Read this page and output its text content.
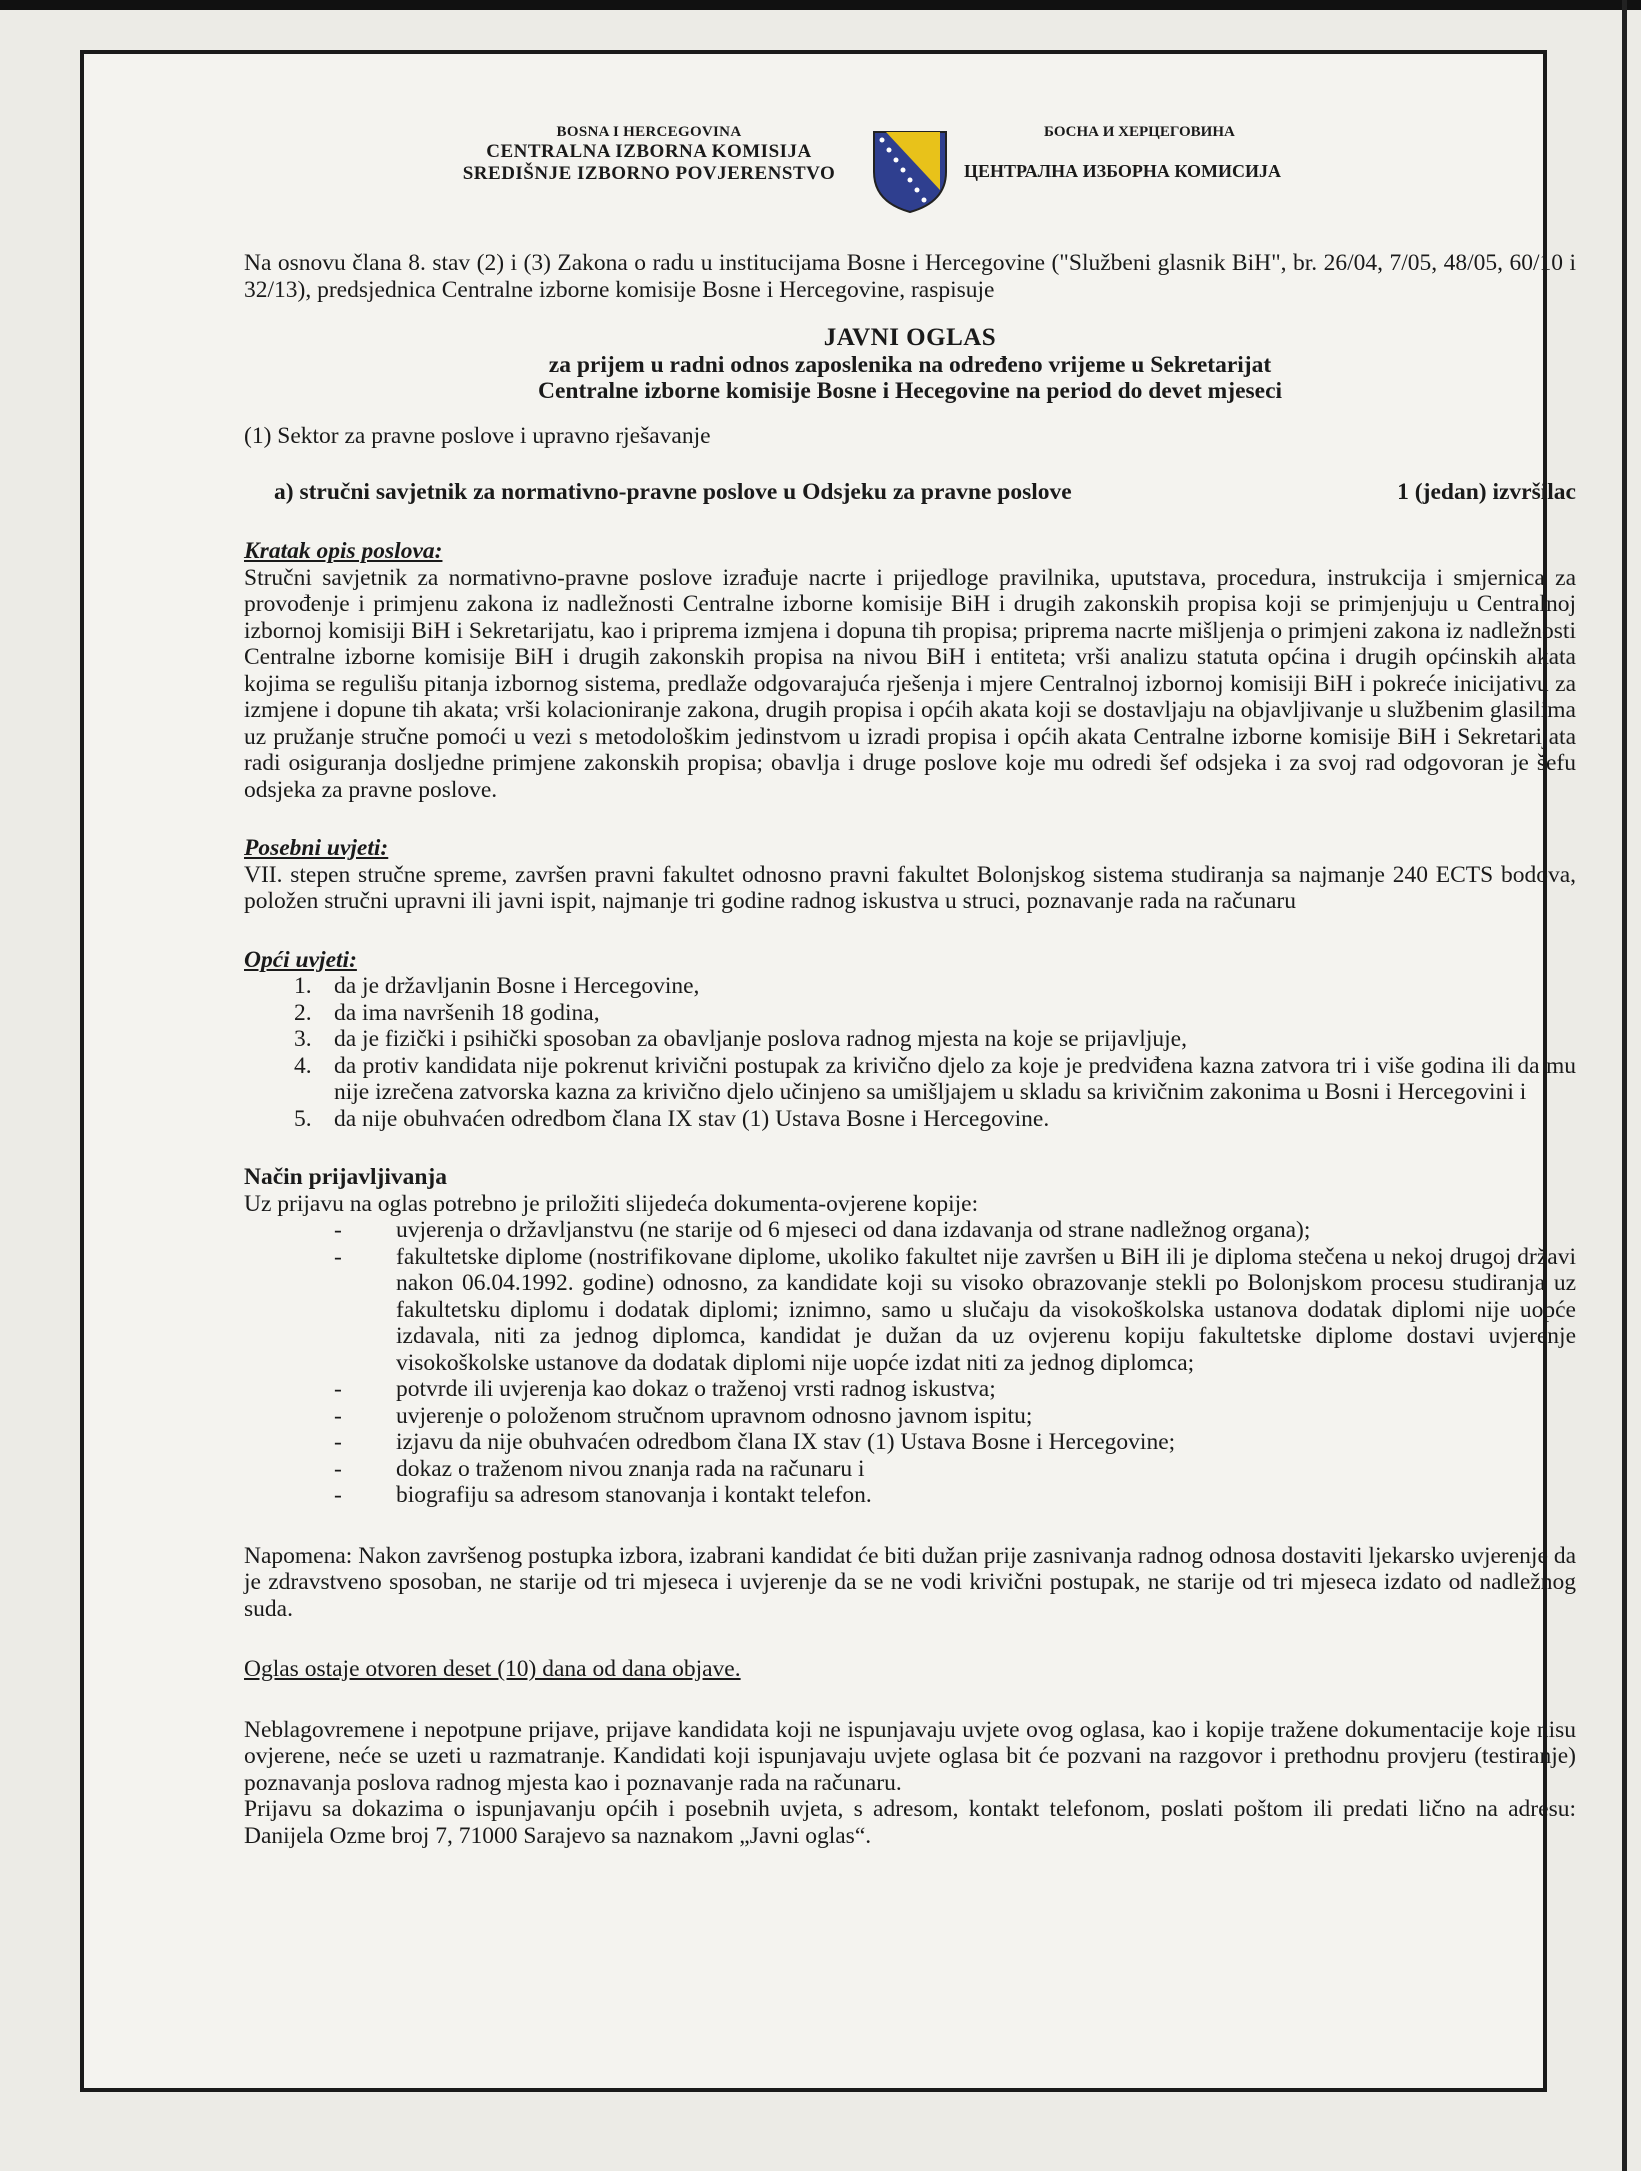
BOSNA I HERCEGOVINA
CENTRALNA IZBORNA KOMISIJA
SREDIŠNJE IZBORNO POVJERENSTVO
БОСНА И ХЕРЦЕГОВИНА
ЦЕНТРАЛНА ИЗБОРНА КОМИСИЈА

Na osnovu člana 8. stav (2) i (3) Zakona o radu u institucijama Bosne i Hercegovine ("Službeni glasnik BiH", br. 26/04, 7/05, 48/05, 60/10 i 32/13), predsjednica Centralne izborne komisije Bosne i Hercegovine, raspisuje

JAVNI OGLAS
za prijem u radni odnos zaposlenika na određeno vrijeme u Sekretarijat
Centralne izborne komisije Bosne i Hecegovine na period do devet mjeseci

(1) Sektor za pravne poslove i upravno rješavanje

a) stručni savjetnik za normativno-pravne poslove u Odsjeku za pravne poslove	1 (jedan) izvršilac

Kratak opis poslova:

Stručni savjetnik za normativno-pravne poslove izrađuje nacrte i prijedloge pravilnika, uputstava, procedura, instrukcija i smjernica za provođenje i primjenu zakona iz nadležnosti Centralne izborne komisije BiH i drugih zakonskih propisa koji se primjenjuju u Centralnoj izbornoj komisiji BiH i Sekretarijatu, kao i priprema izmjena i dopuna tih propisa; priprema nacrte mišljenja o primjeni zakona iz nadležnosti Centralne izborne komisije BiH i drugih zakonskih propisa na nivou BiH i entiteta; vrši analizu statuta općina i drugih općinskih akata kojima se regulišu pitanja izbornog sistema, predlaže odgovarajuća rješenja i mjere Centralnoj izbornoj komisiji BiH i pokreće inicijativu za izmjene i dopune tih akata; vrši kolacioniranje zakona, drugih propisa i općih akata koji se dostavljaju na objavljivanje u službenim glasilima uz pružanje stručne pomoći u vezi s metodološkim jedinstvom u izradi propisa i općih akata Centralne izborne komisije BiH i Sekretarijata radi osiguranja dosljedne primjene zakonskih propisa; obavlja i druge poslove koje mu odredi šef odsjeka i za svoj rad odgovoran je šefu odsjeka za pravne poslove.

Posebni uvjeti:

VII. stepen stručne spreme, završen pravni fakultet odnosno pravni fakultet Bolonjskog sistema studiranja sa najmanje 240 ECTS bodova, položen stručni upravni ili javni ispit, najmanje tri godine radnog iskustva u struci, poznavanje rada na računaru

Opći uvjeti:

1. da je državljanin Bosne i Hercegovine,
2. da ima navršenih 18 godina,
3. da je fizički i psihički sposoban za obavljanje poslova radnog mjesta na koje se prijavljuje,
4. da protiv kandidata nije pokrenut krivični postupak za krivično djelo za koje je predviđena kazna zatvora tri i više godina ili da mu nije izrečena zatvorska kazna za krivično djelo učinjeno sa umišljajem u skladu sa krivičnim zakonima u Bosni i Hercegovini i
5. da nije obuhvaćen odredbom člana IX stav (1) Ustava Bosne i Hercegovine.

Način prijavljivanja

Uz prijavu na oglas potrebno je priložiti slijedeća dokumenta-ovjerene kopije:

- uvjerenja o državljanstvu (ne starije od 6 mjeseci od dana izdavanja od strane nadležnog organa);
- fakultetske diplome (nostrifikovane diplome, ukoliko fakultet nije završen u BiH ili je diploma stečena u nekoj drugoj državi nakon 06.04.1992. godine) odnosno, za kandidate koji su visoko obrazovanje stekli po Bolonjskom procesu studiranja uz fakultetsku diplomu i dodatak diplomi; iznimno, samo u slučaju da visokoškolska ustanova dodatak diplomi nije uopće izdavala, niti za jednog diplomca, kandidat je dužan da uz ovjerenu kopiju fakultetske diplome dostavi uvjerenje visokoškolske ustanove da dodatak diplomi nije uopće izdat niti za jednog diplomca;
- potvrde ili uvjerenja kao dokaz o traženoj vrsti radnog iskustva;
- uvjerenje o položenom stručnom upravnom odnosno javnom ispitu;
- izjavu da nije obuhvaćen odredbom člana IX stav (1) Ustava Bosne i Hercegovine;
- dokaz o traženom nivou znanja rada na računaru i
- biografiju sa adresom stanovanja i kontakt telefon.

Napomena: Nakon završenog postupka izbora, izabrani kandidat će biti dužan prije zasnivanja radnog odnosa dostaviti ljekarsko uvjerenje da je zdravstveno sposoban, ne starije od tri mjeseca i uvjerenje da se ne vodi krivični postupak, ne starije od tri mjeseca izdato od nadležnog suda.

Oglas ostaje otvoren deset (10) dana od dana objave.

Neblagovremene i nepotpune prijave, prijave kandidata koji ne ispunjavaju uvjete ovog oglasa, kao i kopije tražene dokumentacije koje nisu ovjerene, neće se uzeti u razmatranje. Kandidati koji ispunjavaju uvjete oglasa bit će pozvani na razgovor i prethodnu provjeru (testiranje) poznavanja poslova radnog mjesta kao i poznavanje rada na računaru.

Prijavu sa dokazima o ispunjavanju općih i posebnih uvjeta, s adresom, kontakt telefonom, poslati poštom ili predati lično na adresu: Danijela Ozme broj 7, 71000 Sarajevo sa naznakom „Javni oglas“.
